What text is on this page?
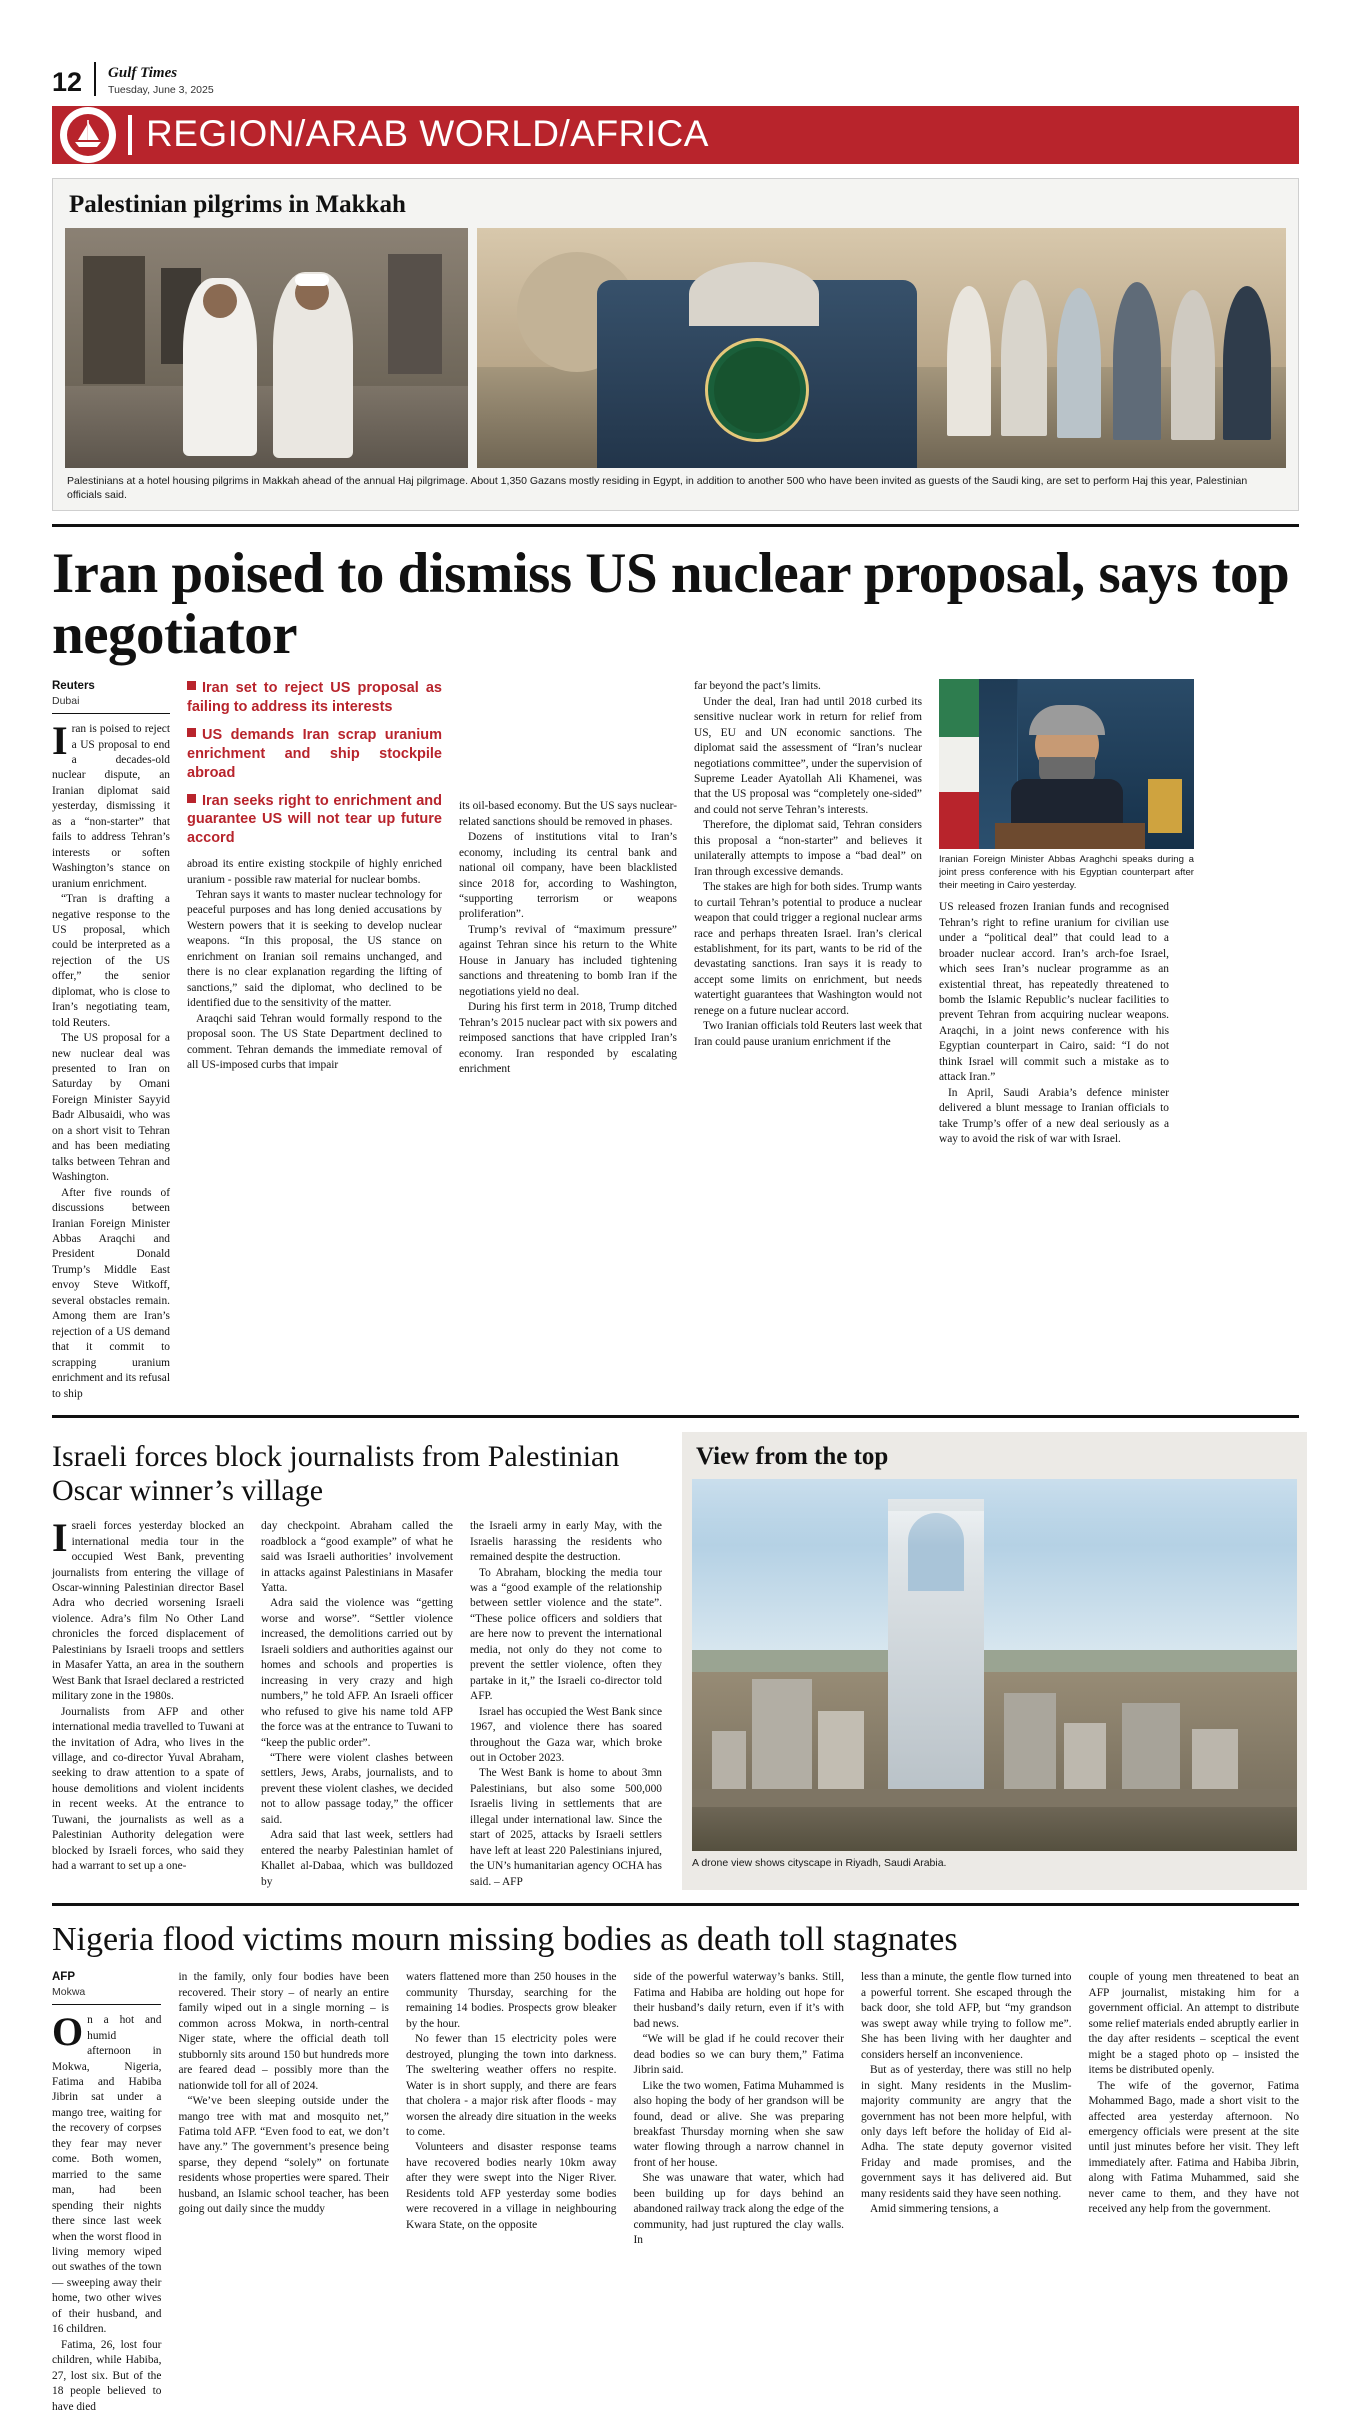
12 Gulf Times
Tuesday, June 3, 2025
REGION/ARAB WORLD/AFRICA
Palestinian pilgrims in Makkah
Palestinians at a hotel housing pilgrims in Makkah ahead of the annual Haj pilgrimage. About 1,350 Gazans mostly residing in Egypt, in addition to another 500 who have been invited as guests of the Saudi king, are set to perform Haj this year, Palestinian officials said.
Iran poised to dismiss US nuclear proposal, says top negotiator
Reuters
Dubai

Iran is poised to reject a US proposal to end a decades-old nuclear dispute, an Iranian diplomat said yesterday, dismissing it as a “non-starter” that fails to address Tehran’s interests or soften Washington’s stance on uranium enrichment.

“Tran is drafting a negative response to the US proposal, which could be interpreted as a rejection of the US offer,” the senior diplomat, who is close to Iran’s negotiating team, told Reuters.

The US proposal for a new nuclear deal was presented to Iran on Saturday by Omani Foreign Minister Sayyid Badr Albusaidi, who was on a short visit to Tehran and has been mediating talks between Tehran and Washington.

After five rounds of discussions between Iranian Foreign Minister Abbas Araqchi and President Donald Trump’s Middle East envoy Steve Witkoff, several obstacles remain. Among them are Iran’s rejection of a US demand that it commit to scrapping uranium enrichment and its refusal to ship

Iran set to reject US proposal as failing to address its interests
US demands Iran scrap uranium enrichment and ship stockpile abroad
Iran seeks right to enrichment and guarantee US will not tear up future accord

abroad its entire existing stockpile of highly enriched uranium - possible raw material for nuclear bombs.

Tehran says it wants to master nuclear technology for peaceful purposes and has long denied accusations by Western powers that it is seeking to develop nuclear weapons. “In this proposal, the US stance on enrichment on Iranian soil remains unchanged, and there is no clear explanation regarding the lifting of sanctions,” said the diplomat, who declined to be identified due to the sensitivity of the matter.

Araqchi said Tehran would formally respond to the proposal soon. The US State Department declined to comment. Tehran demands the immediate removal of all US-imposed curbs that impair

its oil-based economy. But the US says nuclear-related sanctions should be removed in phases.

Dozens of institutions vital to Iran’s economy, including its central bank and national oil company, have been blacklisted since 2018 for, according to Washington, “supporting terrorism or weapons proliferation”.

Trump’s revival of “maximum pressure” against Tehran since his return to the White House in January has included tightening sanctions and threatening to bomb Iran if the negotiations yield no deal.

During his first term in 2018, Trump ditched Tehran’s 2015 nuclear pact with six powers and reimposed sanctions that have crippled Iran’s economy. Iran responded by escalating enrichment

far beyond the pact’s limits.

Under the deal, Iran had until 2018 curbed its sensitive nuclear work in return for relief from US, EU and UN economic sanctions. The diplomat said the assessment of “Iran’s nuclear negotiations committee”, under the supervision of Supreme Leader Ayatollah Ali Khamenei, was that the US proposal was “completely one-sided” and could not serve Tehran’s interests.

Therefore, the diplomat said, Tehran considers this proposal a “non-starter” and believes it unilaterally attempts to impose a “bad deal” on Iran through excessive demands.

The stakes are high for both sides. Trump wants to curtail Tehran’s potential to produce a nuclear weapon that could trigger a regional nuclear arms race and perhaps threaten Israel. Iran’s clerical establishment, for its part, wants to be rid of the devastating sanctions. Iran says it is ready to accept some limits on enrichment, but needs watertight guarantees that Washington would not renege on a future nuclear accord.

Two Iranian officials told Reuters last week that Iran could pause uranium enrichment if the

Iranian Foreign Minister Abbas Araghchi speaks during a joint press conference with his Egyptian counterpart after their meeting in Cairo yesterday.

US released frozen Iranian funds and recognised Tehran’s right to refine uranium for civilian use under a “political deal” that could lead to a broader nuclear accord. Iran’s arch-foe Israel, which sees Iran’s nuclear programme as an existential threat, has repeatedly threatened to bomb the Islamic Republic’s nuclear facilities to prevent Tehran from acquiring nuclear weapons. Araqchi, in a joint news conference with his Egyptian counterpart in Cairo, said: “I do not think Israel will commit such a mistake as to attack Iran.”

In April, Saudi Arabia’s defence minister delivered a blunt message to Iranian officials to take Trump’s offer of a new deal seriously as a way to avoid the risk of war with Israel.

Israeli forces block journalists from Palestinian Oscar winner’s village

Israeli forces yesterday blocked an international media tour in the occupied West Bank, preventing journalists from entering the village of Oscar-winning Palestinian director Basel Adra who decried worsening Israeli violence. Adra’s film No Other Land chronicles the forced displacement of Palestinians by Israeli troops and settlers in Masafer Yatta, an area in the southern West Bank that Israel declared a restricted military zone in the 1980s.

Journalists from AFP and other international media travelled to Tuwani at the invitation of Adra, who lives in the village, and co-director Yuval Abraham, seeking to draw attention to a spate of house demolitions and violent incidents in recent weeks. At the entrance to Tuwani, the journalists as well as a Palestinian Authority delegation were blocked by Israeli forces, who said they had a warrant to set up a one-

day checkpoint. Abraham called the roadblock a “good example” of what he said was Israeli authorities’ involvement in attacks against Palestinians in Masafer Yatta.

Adra said the violence was “getting worse and worse”. “Settler violence increased, the demolitions carried out by Israeli soldiers and authorities against our homes and schools and properties is increasing in very crazy and high numbers,” he told AFP. An Israeli officer who refused to give his name told AFP the force was at the entrance to Tuwani to “keep the public order”.

“There were violent clashes between settlers, Jews, Arabs, journalists, and to prevent these violent clashes, we decided not to allow passage today,” the officer said.

Adra said that last week, settlers had entered the nearby Palestinian hamlet of Khallet al-Dabaa, which was bulldozed by

the Israeli army in early May, with the Israelis harassing the residents who remained despite the destruction.

To Abraham, blocking the media tour was a “good example of the relationship between settler violence and the state”. “These police officers and soldiers that are here now to prevent the international media, not only do they not come to prevent the settler violence, often they partake in it,” the Israeli co-director told AFP.

Israel has occupied the West Bank since 1967, and violence there has soared throughout the Gaza war, which broke out in October 2023.

The West Bank is home to about 3mn Palestinians, but also some 500,000 Israelis living in settlements that are illegal under international law. Since the start of 2025, attacks by Israeli settlers have left at least 220 Palestinians injured, the UN’s humanitarian agency OCHA has said. – AFP

View from the top
A drone view shows cityscape in Riyadh, Saudi Arabia.
Nigeria flood victims mourn missing bodies as death toll stagnates
AFP
Mokwa

On a hot and humid afternoon in Mokwa, Nigeria, Fatima and Habiba Jibrin sat under a mango tree, waiting for the recovery of corpses they fear may never come. Both women, married to the same man, had been spending their nights there since last week when the worst flood in living memory wiped out swathes of the town — sweeping away their home, two other wives of their husband, and 16 children.

Fatima, 26, lost four children, while Habiba, 27, lost six. But of the 18 people believed to have died

in the family, only four bodies have been recovered. Their story – of nearly an entire family wiped out in a single morning – is common across Mokwa, in north-central Niger state, where the official death toll stubbornly sits around 150 but hundreds more are feared dead – possibly more than the nationwide toll for all of 2024.

“We’ve been sleeping outside under the mango tree with mat and mosquito net,” Fatima told AFP. “Even food to eat, we don’t have any.” The government’s presence being sparse, they depend “solely” on fortunate residents whose properties were spared. Their husband, an Islamic school teacher, has been going out daily since the muddy

waters flattened more than 250 houses in the community Thursday, searching for the remaining 14 bodies. Prospects grow bleaker by the hour.

No fewer than 15 electricity poles were destroyed, plunging the town into darkness. The sweltering weather offers no respite. Water is in short supply, and there are fears that cholera - a major risk after floods - may worsen the already dire situation in the weeks to come.

Volunteers and disaster response teams have recovered bodies nearly 10km away after they were swept into the Niger River. Residents told AFP yesterday some bodies were recovered in a village in neighbouring Kwara State, on the opposite

side of the powerful waterway’s banks. Still, Fatima and Habiba are holding out hope for their husband’s daily return, even if it’s with bad news.

“We will be glad if he could recover their dead bodies so we can bury them,” Fatima Jibrin said.

Like the two women, Fatima Muhammed is also hoping the body of her grandson will be found, dead or alive. She was preparing breakfast Thursday morning when she saw water flowing through a narrow channel in front of her house.

She was unaware that water, which had been building up for days behind an abandoned railway track along the edge of the community, had just ruptured the clay walls. In

less than a minute, the gentle flow turned into a powerful torrent. She escaped through the back door, she told AFP, but “my grandson was swept away while trying to follow me”. She has been living with her daughter and considers herself an inconvenience.

But as of yesterday, there was still no help in sight. Many residents in the Muslim-majority community are angry that the government has not been more helpful, with only days left before the holiday of Eid al-Adha. The state deputy governor visited Friday and made promises, and the government says it has delivered aid. But many residents said they have seen nothing.

Amid simmering tensions, a

couple of young men threatened to beat an AFP journalist, mistaking him for a government official. An attempt to distribute some relief materials ended abruptly earlier in the day after residents – sceptical the event might be a staged photo op – insisted the items be distributed openly.

The wife of the governor, Fatima Mohammed Bago, made a short visit to the affected area yesterday afternoon. No emergency officials were present at the site until just minutes before her visit. They left immediately after. Fatima and Habiba Jibrin, along with Fatima Muhammed, said she never came to them, and they have not received any help from the government.
